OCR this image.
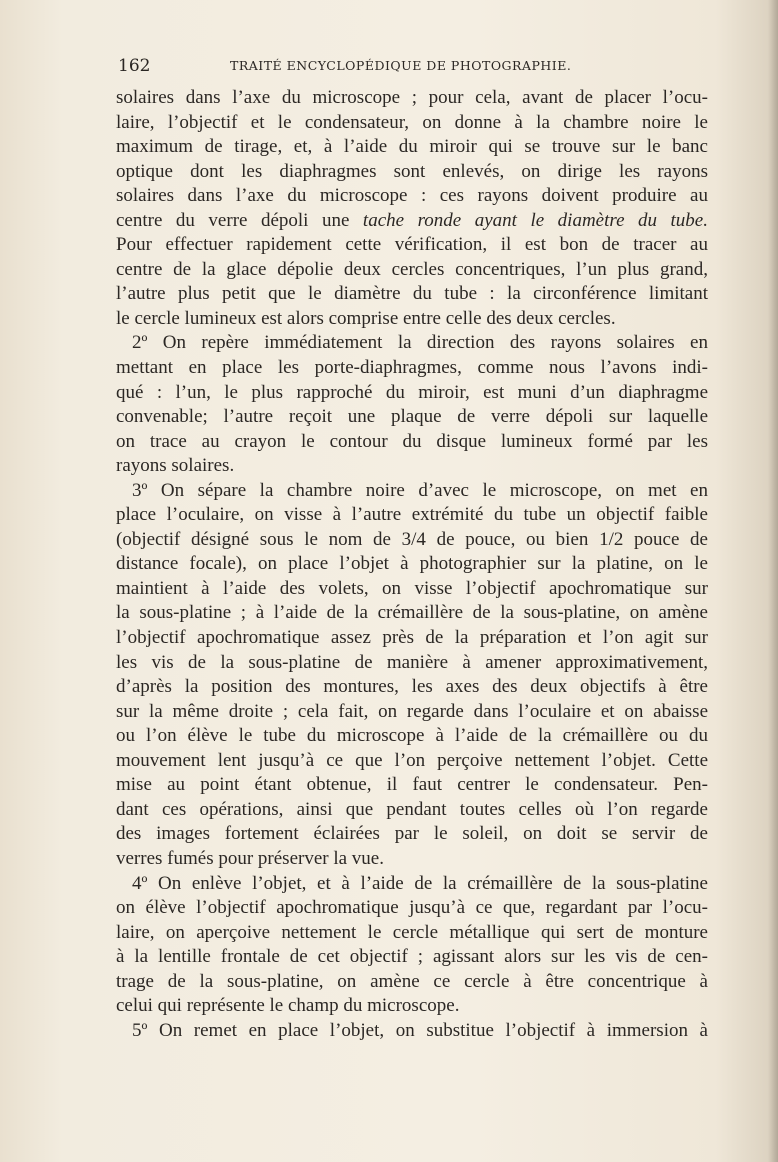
162	TRAITÉ ENCYCLOPÉDIQUE DE PHOTOGRAPHIE.
solaires dans l’axe du microscope ; pour cela, avant de placer l’ocu-
laire, l’objectif et le condensateur, on donne à la chambre noire le
maximum de tirage, et, à l’aide du miroir qui se trouve sur le banc
optique dont les diaphragmes sont enlevés, on dirige les rayons
solaires dans l’axe du microscope : ces rayons doivent produire au
centre du verre dépoli une tache ronde ayant le diamètre du tube.
Pour effectuer rapidement cette vérification, il est bon de tracer au
centre de la glace dépolie deux cercles concentriques, l’un plus grand,
l’autre plus petit que le diamètre du tube : la circonférence limitant
le cercle lumineux est alors comprise entre celle des deux cercles.
2º On repère immédiatement la direction des rayons solaires en
mettant en place les porte-diaphragmes, comme nous l’avons indi-
qué : l’un, le plus rapproché du miroir, est muni d’un diaphragme
convenable; l’autre reçoit une plaque de verre dépoli sur laquelle
on trace au crayon le contour du disque lumineux formé par les
rayons solaires.
3º On sépare la chambre noire d’avec le microscope, on met en
place l’oculaire, on visse à l’autre extrémité du tube un objectif faible
(objectif désigné sous le nom de 3/4 de pouce, ou bien 1/2 pouce de
distance focale), on place l’objet à photographier sur la platine, on le
maintient à l’aide des volets, on visse l’objectif apochromatique sur
la sous-platine ; à l’aide de la crémaillère de la sous-platine, on amène
l’objectif apochromatique assez près de la préparation et l’on agit sur
les vis de la sous-platine de manière à amener approximativement,
d’après la position des montures, les axes des deux objectifs à être
sur la même droite ; cela fait, on regarde dans l’oculaire et on abaisse
ou l’on élève le tube du microscope à l’aide de la crémaillère ou du
mouvement lent jusqu’à ce que l’on perçoive nettement l’objet. Cette
mise au point étant obtenue, il faut centrer le condensateur. Pen-
dant ces opérations, ainsi que pendant toutes celles où l’on regarde
des images fortement éclairées par le soleil, on doit se servir de
verres fumés pour préserver la vue.
4º On enlève l’objet, et à l’aide de la crémaillère de la sous-platine
on élève l’objectif apochromatique jusqu’à ce que, regardant par l’ocu-
laire, on aperçoive nettement le cercle métallique qui sert de monture
à la lentille frontale de cet objectif ; agissant alors sur les vis de cen-
trage de la sous-platine, on amène ce cercle à être concentrique à
celui qui représente le champ du microscope.
5º On remet en place l’objet, on substitue l’objectif à immersion à
